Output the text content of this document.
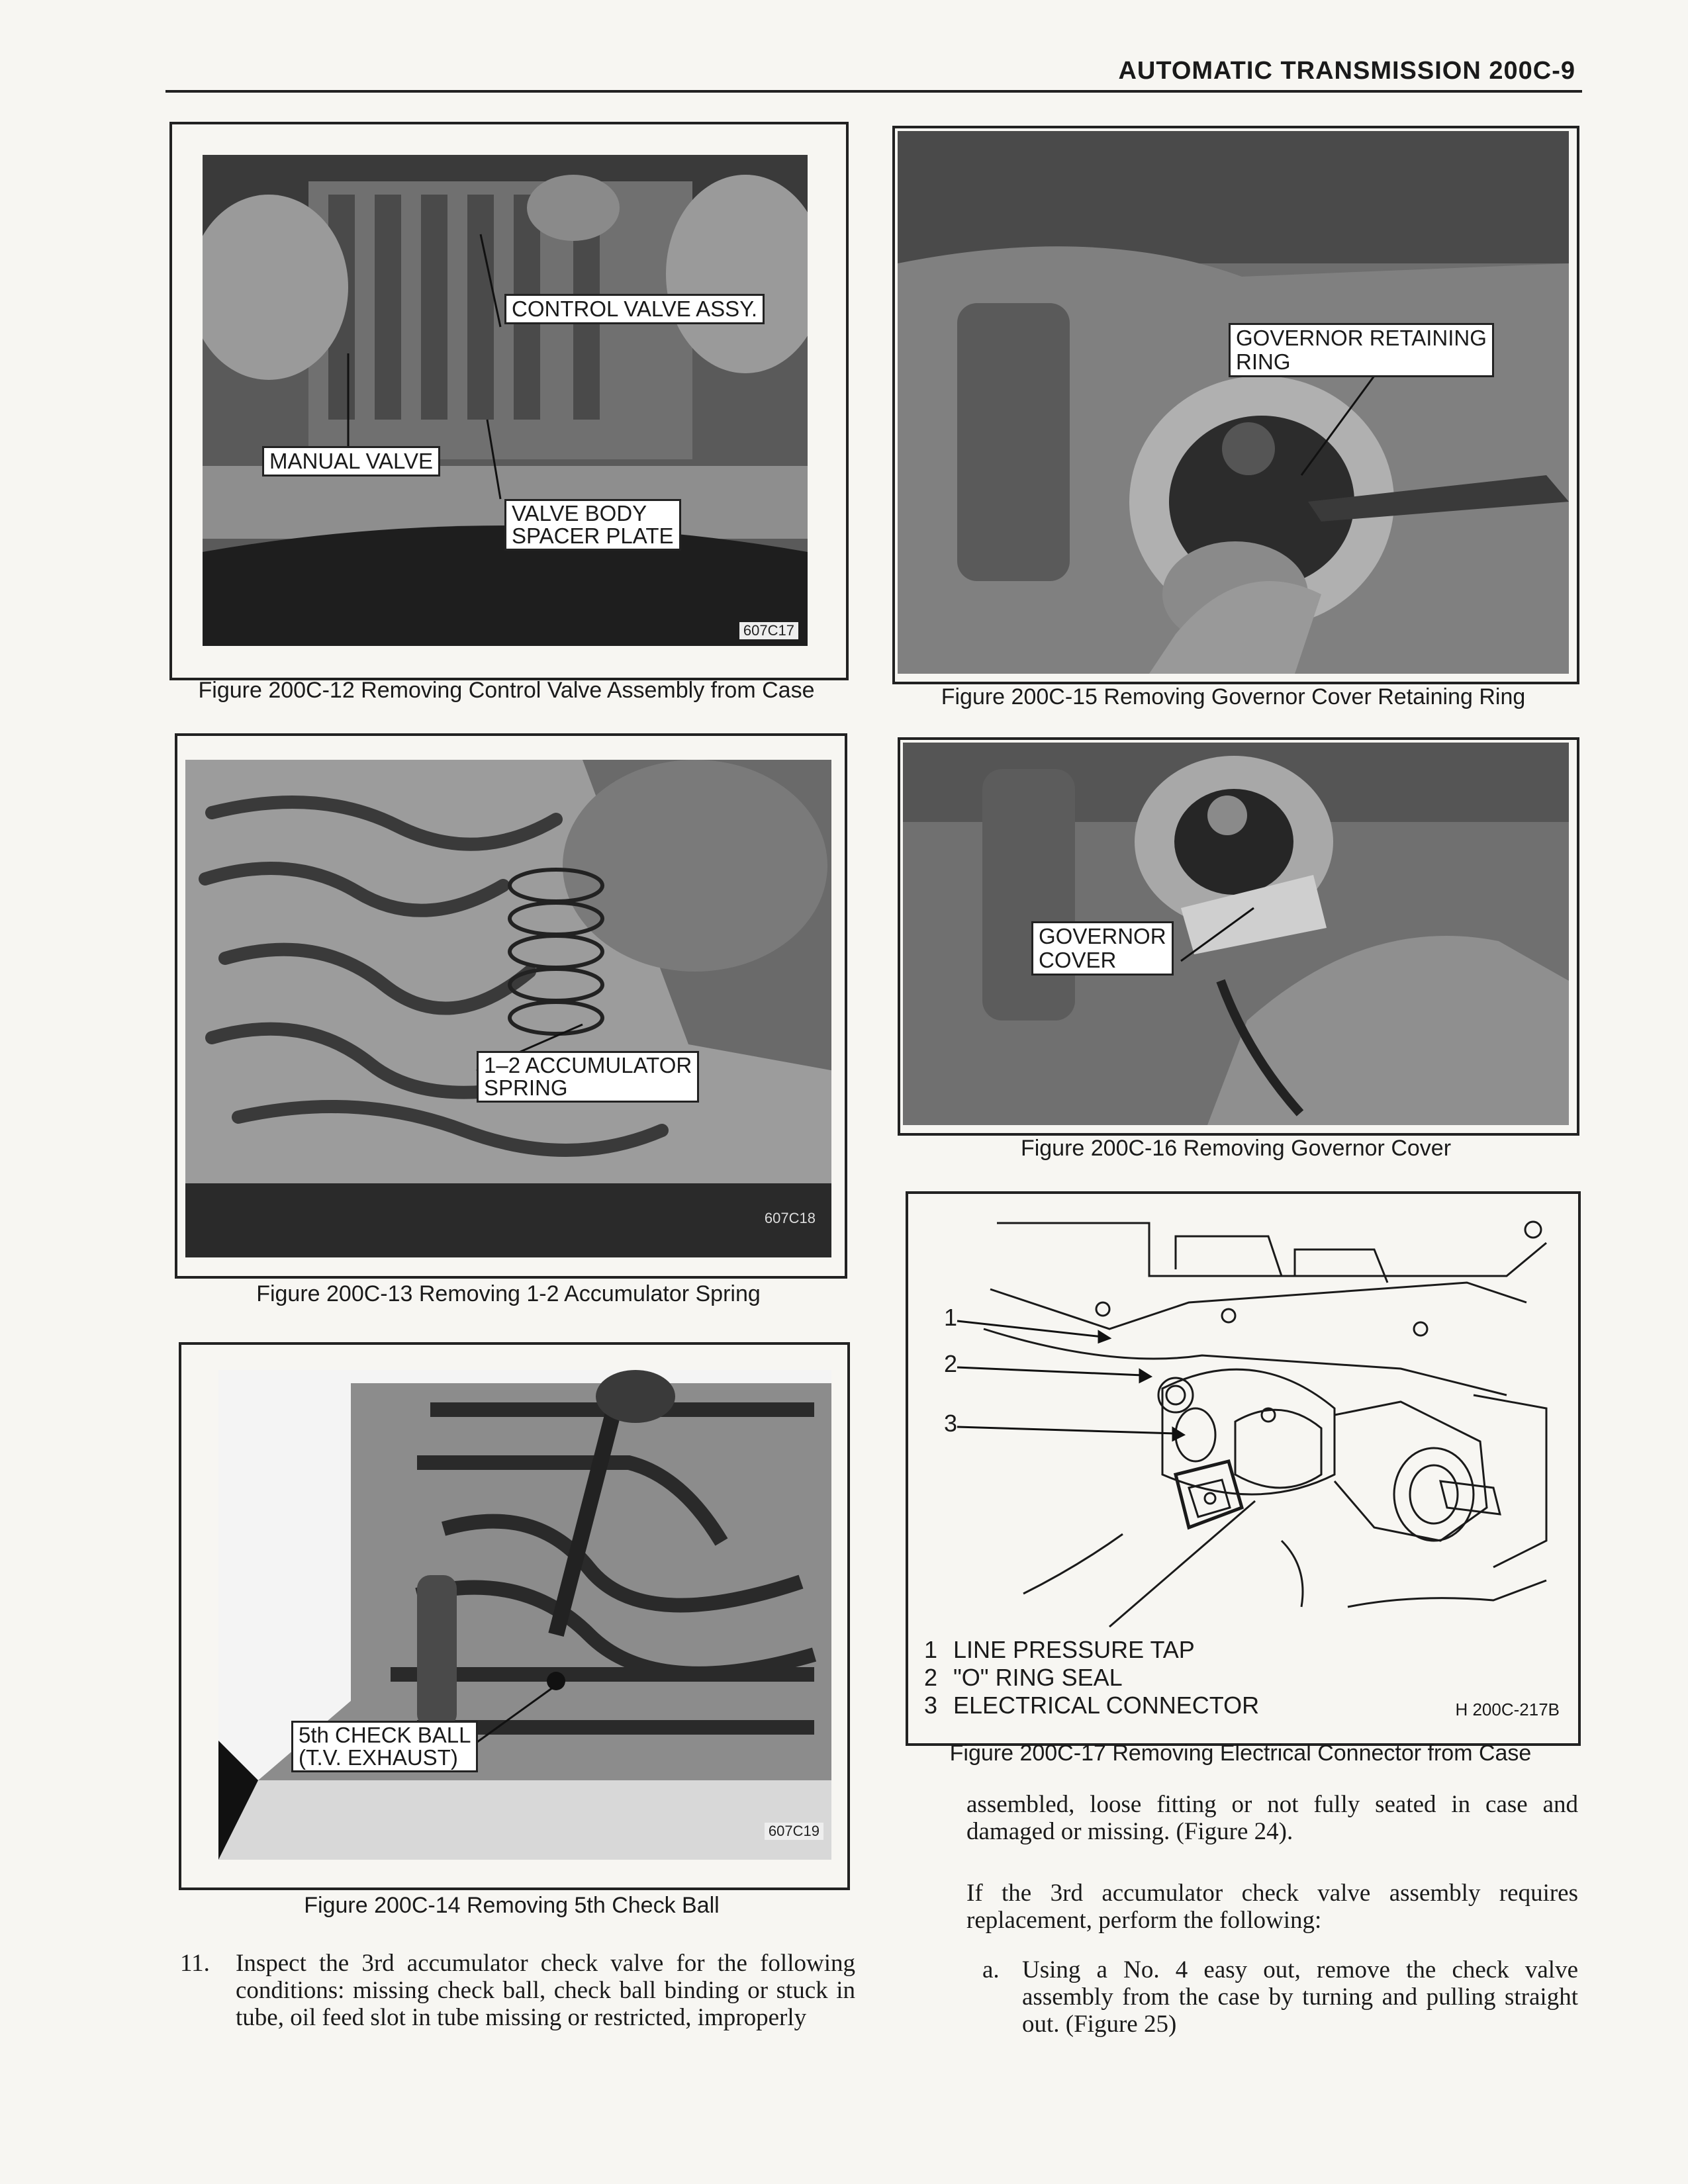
AUTOMATIC TRANSMISSION 200C-9
CONTROL VALVE ASSY.
MANUAL VALVE
VALVE BODY
SPACER PLATE
607C17
Figure 200C-12 Removing Control Valve Assembly from Case
1–2 ACCUMULATOR
SPRING
607C18
Figure 200C-13 Removing 1-2 Accumulator Spring
5th CHECK BALL
(T.V. EXHAUST)
607C19
Figure 200C-14 Removing 5th Check Ball
GOVERNOR RETAINING
RING
Figure 200C-15 Removing Governor Cover Retaining Ring
GOVERNOR
COVER
Figure 200C-16 Removing Governor Cover
1
2
3
1 LINE PRESSURE TAP
2 "O" RING SEAL
3 ELECTRICAL CONNECTOR	H 200C-217B
Figure 200C-17 Removing Electrical Connector from Case
11. Inspect the 3rd accumulator check valve for the following conditions: missing check ball, check ball binding or stuck in tube, oil feed slot in tube missing or restricted, improperly
assembled, loose fitting or not fully seated in case and damaged or missing. (Figure 24).
If the 3rd accumulator check valve assembly requires replacement, perform the following:
a. Using a No. 4 easy out, remove the check valve assembly from the case by turning and pulling straight out. (Figure 25)
